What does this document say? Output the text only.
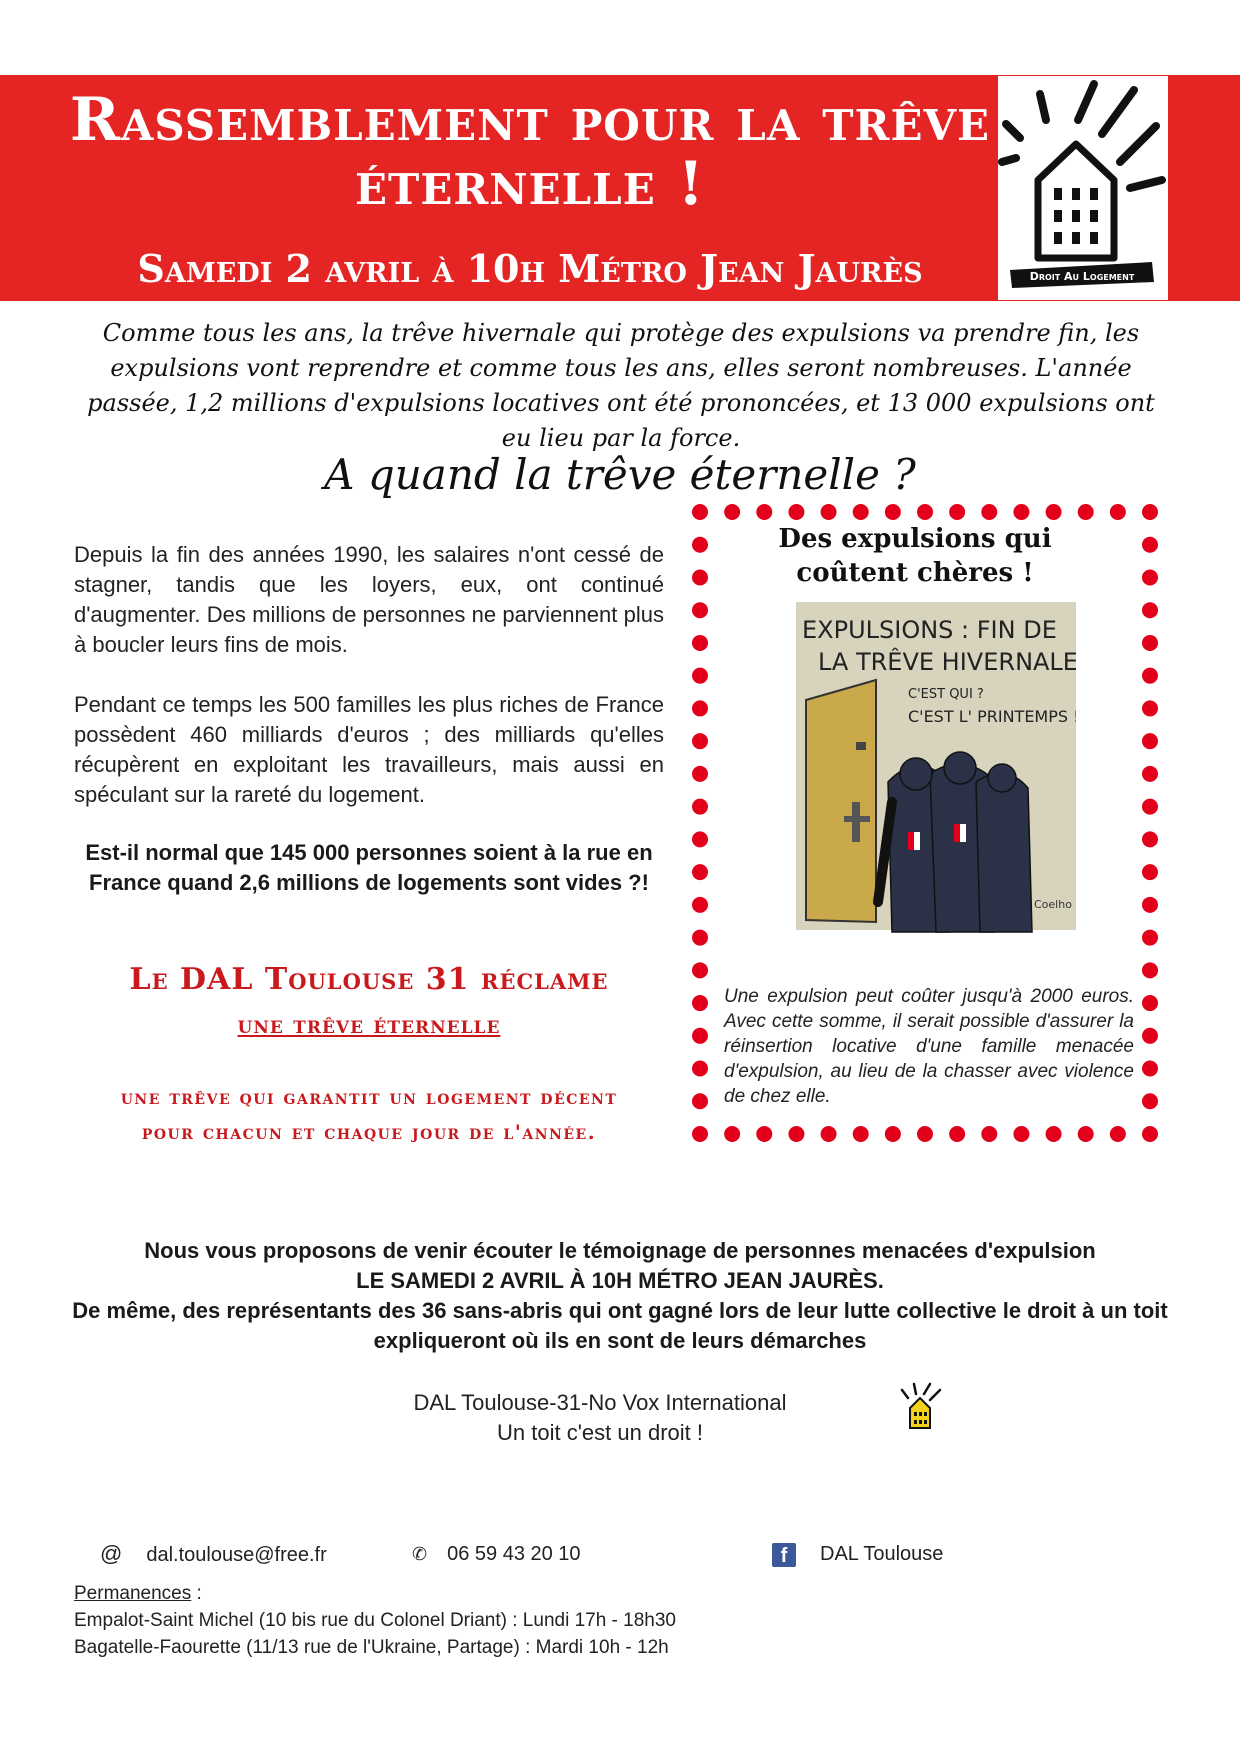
Rassemblement pour la trêve éternelle !
Samedi 2 avril à 10h Métro Jean Jaurès	Droit Au Logement
Comme tous les ans, la trêve hivernale qui protège des expulsions va prendre fin, les expulsions vont reprendre et comme tous les ans, elles seront nombreuses. L'année passée, 1,2 millions d'expulsions locatives ont été prononcées, et 13 000 expulsions ont eu lieu par la force.
A quand la trêve éternelle ?
Depuis la fin des années 1990, les salaires n'ont cessé de stagner, tandis que les loyers, eux, ont continué d'augmenter. Des millions de personnes ne parviennent plus à boucler leurs fins de mois.
Pendant ce temps les 500 familles les plus riches de France possèdent 460 milliards d'euros ; des milliards qu'elles récupèrent en exploitant les travailleurs, mais aussi en spéculant sur la rareté du logement.
Est-il normal que 145 000 personnes soient à la rue en France quand 2,6 millions de logements sont vides ?!
Le DAL Toulouse 31 réclame
une trêve éternelle
une trêve qui garantit un logement décent pour chacun et chaque jour de l'année.
Des expulsions qui coûtent chères !
EXPULSIONS : FIN DE
LA TRÊVE HIVERNALE
C'EST QUI ?
C'EST L' PRINTEMPS !!
Coelho
Une expulsion peut coûter jusqu'à 2000 euros. Avec cette somme, il serait possible d'assurer la réinsertion locative d'une famille menacée d'expulsion, au lieu de la chasser avec violence de chez elle.
Nous vous proposons de venir écouter le témoignage de personnes menacées d'expulsion
LE SAMEDI 2 AVRIL À 10H MÉTRO JEAN JAURÈS.
De même, des représentants des 36 sans-abris qui ont gagné lors de leur lutte collective le droit à un toit expliqueront où ils en sont de leurs démarches
DAL Toulouse-31-No Vox International
Un toit c'est un droit !
@ dal.toulouse@free.fr	✆ 06 59 43 20 10	f DAL Toulouse
Permanences :
Empalot-Saint Michel (10 bis rue du Colonel Driant) : Lundi 17h - 18h30
Bagatelle-Faourette (11/13 rue de l'Ukraine, Partage) : Mardi 10h - 12h
